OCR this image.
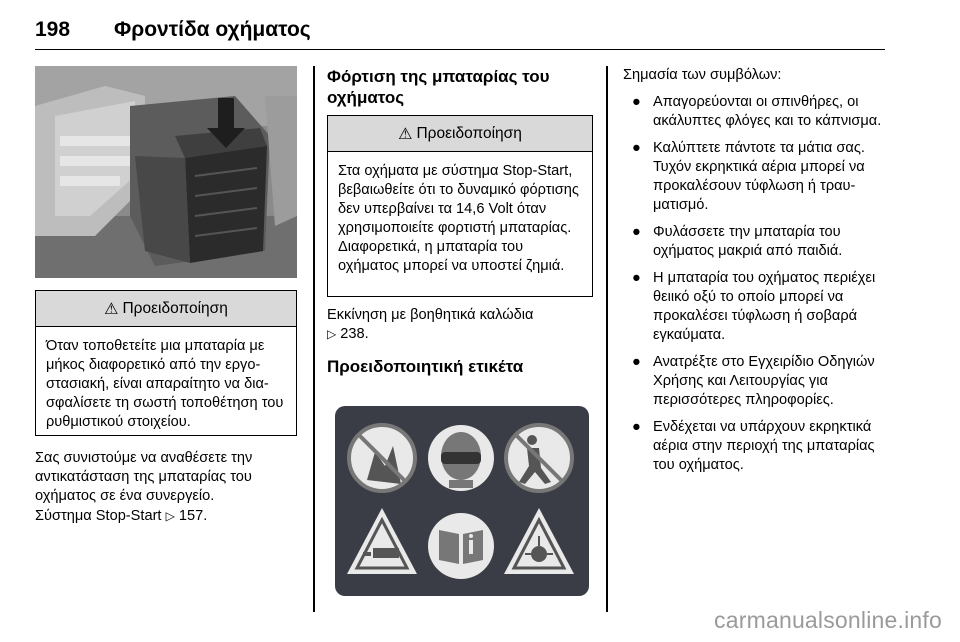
198 Φροντίδα οχήματος
⚠ Προειδοποίηση
Όταν τοποθετείτε μια μπαταρία με μήκος διαφορετικό από την εργοστασιακή, είναι απαραίτητο να διασφαλίσετε τη σωστή τοποθέτηση του ρυθμιστικού στοιχείου.
Σας συνιστούμε να αναθέσετε την αντικατάσταση της μπαταρίας του οχήματος σε ένα συνεργείο.
Σύστημα Stop-Start ▷ 157.
Φόρτιση της μπαταρίας του οχήματος
⚠ Προειδοποίηση
Στα οχήματα με σύστημα Stop-Start, βεβαιωθείτε ότι το δυναμικό φόρτισης δεν υπερβαίνει τα 14,6 Volt όταν χρησιμοποιείτε φορτιστή μπαταρίας. Διαφορετικά, η μπαταρία του οχήματος μπορεί να υποστεί ζημιά.
Εκκίνηση με βοηθητικά καλώδια
▷ 238.
Προειδοποιητική ετικέτα
Σημασία των συμβόλων:
● Απαγορεύονται οι σπινθήρες, οι ακάλυπτες φλόγες και το κάπνισμα.
● Καλύπτετε πάντοτε τα μάτια σας. Τυχόν εκρηκτικά αέρια μπορεί να προκαλέσουν τύφλωση ή τραυματισμό.
● Φυλάσσετε την μπαταρία του οχήματος μακριά από παιδιά.
● Η μπαταρία του οχήματος περιέχει θειικό οξύ το οποίο μπορεί να προκαλέσει τύφλωση ή σοβαρά εγκαύματα.
● Ανατρέξτε στο Εγχειρίδιο Οδηγιών Χρήσης και Λειτουργίας για περισσότερες πληροφορίες.
● Ενδέχεται να υπάρχουν εκρηκτικά αέρια στην περιοχή της μπαταρίας του οχήματος.
carmanualsonline.info
